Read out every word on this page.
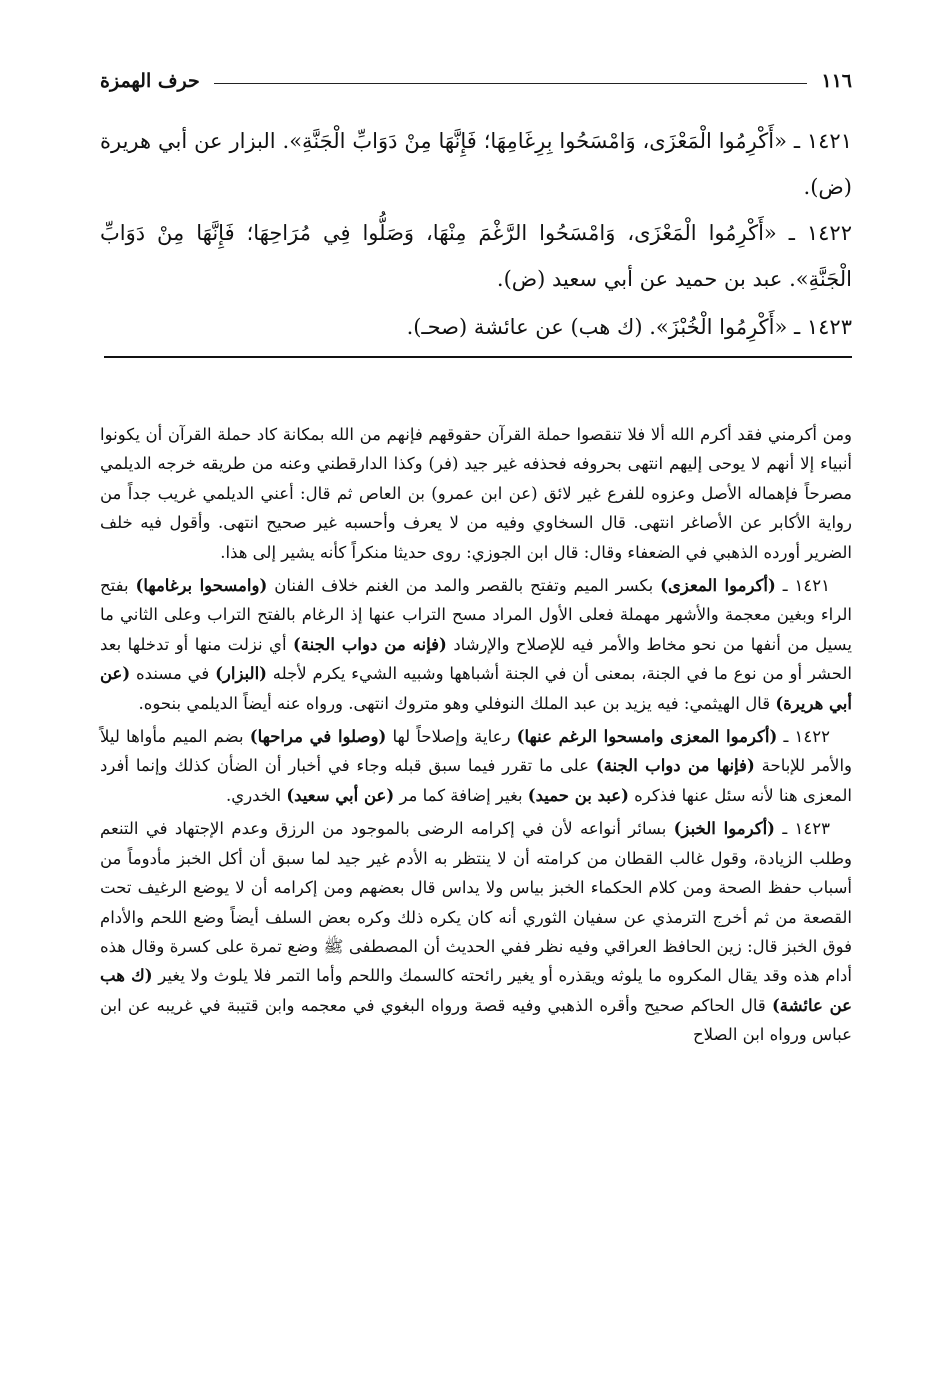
١١٦
حرف الهمزة

١٤٢١ ـ «أَكْرِمُوا الْمَعْزَى، وَامْسَحُوا بِرِغَامِهَا؛ فَإِنَّهَا مِنْ دَوَابِّ الْجَنَّةِ». البزار عن أبي هريرة (ض).

١٤٢٢ ـ «أَكْرِمُوا الْمَعْزَى، وَامْسَحُوا الرَّغْمَ مِنْهَا، وَصَلُّوا فِي مُرَاحِهَا؛ فَإِنَّهَا مِنْ دَوَابِّ الْجَنَّةِ». عبد بن حميد عن أبي سعيد (ض).

١٤٢٣ ـ «أَكْرِمُوا الْخُبْزَ». (ك هب) عن عائشة (صحـ).

ومن أكرمني فقد أكرم الله ألا فلا تنقصوا حملة القرآن حقوقهم فإنهم من الله بمكانة كاد حملة القرآن أن يكونوا أنبياء إلا أنهم لا يوحى إليهم انتهى بحروفه فحذفه غير جيد (فر) وكذا الدارقطني وعنه من طريقه خرجه الديلمي مصرحاً فإهماله الأصل وعزوه للفرع غير لائق (عن ابن عمرو) بن العاص ثم قال: أعني الديلمي غريب جداً من رواية الأكابر عن الأصاغر انتهى. قال السخاوي وفيه من لا يعرف وأحسبه غير صحيح انتهى. وأقول فيه خلف الضرير أورده الذهبي في الضعفاء وقال: قال ابن الجوزي: روى حديثا منكراً كأنه يشير إلى هذا.

١٤٢١ ـ (أكرموا المعزى) بكسر الميم وتفتح بالقصر والمد من الغنم خلاف الفنان (وامسحوا برغامها) بفتح الراء وبغين معجمة والأشهر مهملة فعلى الأول المراد مسح التراب عنها إذ الرغام بالفتح التراب وعلى الثاني ما يسيل من أنفها من نحو مخاط والأمر فيه للإصلاح والإرشاد (فإنه من دواب الجنة) أي نزلت منها أو تدخلها بعد الحشر أو من نوع ما في الجنة، بمعنى أن في الجنة أشباهها وشبيه الشيء يكرم لأجله (البزار) في مسنده (عن أبي هريرة) قال الهيثمي: فيه يزيد بن عبد الملك النوفلي وهو متروك انتهى. ورواه عنه أيضاً الديلمي بنحوه.

١٤٢٢ ـ (أكرموا المعزى وامسحوا الرغم عنها) رعاية وإصلاحاً لها (وصلوا في مراحها) بضم الميم مأواها ليلاً والأمر للإباحة (فإنها من دواب الجنة) على ما تقرر فيما سبق قبله وجاء في أخبار أن الضأن كذلك وإنما أفرد المعزى هنا لأنه سئل عنها فذكره (عبد بن حميد) بغير إضافة كما مر (عن أبي سعيد) الخدري.

١٤٢٣ ـ (أكرموا الخبز) بسائر أنواعه لأن في إكرامه الرضى بالموجود من الرزق وعدم الإجتهاد في التنعم وطلب الزيادة، وقول غالب القطان من كرامته أن لا ينتظر به الأدم غير جيد لما سبق أن أكل الخبز مأدوماً من أسباب حفظ الصحة ومن كلام الحكماء الخبز بياس ولا يداس قال بعضهم ومن إكرامه أن لا يوضع الرغيف تحت القصعة من ثم أخرج الترمذي عن سفيان الثوري أنه كان يكره ذلك وكره بعض السلف أيضاً وضع اللحم والأدام فوق الخبز قال: زين الحافظ العراقي وفيه نظر ففي الحديث أن المصطفى ﷺ وضع تمرة على كسرة وقال هذه أدام هذه وقد يقال المكروه ما يلوثه ويقذره أو يغير رائحته كالسمك واللحم وأما التمر فلا يلوث ولا يغير (ك هب عن عائشة) قال الحاكم صحيح وأقره الذهبي وفيه قصة ورواه البغوي في معجمه وابن قتيبة في غريبه عن ابن عباس ورواه ابن الصلاح
